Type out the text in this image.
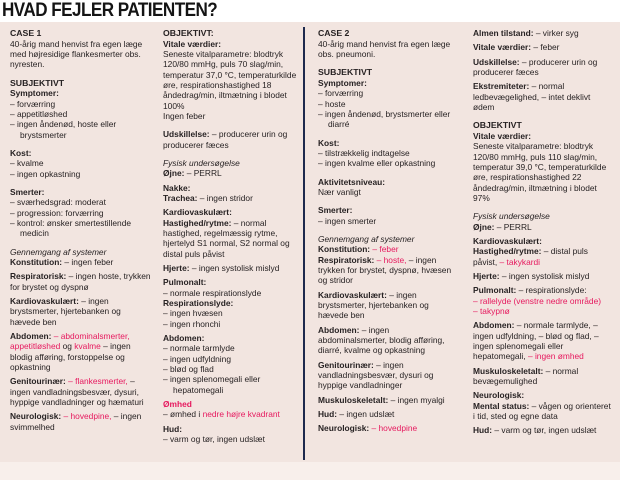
HVAD FEJLER PATIENTEN?
CASE 1
40-årig mand henvist fra egen læge med højresidige flankesmerter obs. nyresten.
SUBJEKTIVT
Symptomer:
– forværring
– appetitløshed
– ingen åndenød, hoste eller brystsmerter
Kost:
– kvalme
– ingen opkastning
Smerter:
– sværhedsgrad: moderat
– progression: forværring
– kontrol: ønsker smertestillende medicin
Gennemgang af systemer
Konstitution: – ingen feber
Respiratorisk: – ingen hoste, trykken for brystet og dyspnø
Kardiovaskulært: – ingen brystsmerter, hjertebanken og hævede ben
Abdomen: – abdominalsmerter, appetitløshed og kvalme – ingen blodig afføring, forstoppelse og opkastning
Genitourinær: – flankesmerter, – ingen vandladningsbesvær, dysuri, hyppige vandladninger og hæmaturi
Neurologisk: – hovedpine, – ingen svimmelhed
OBJEKTIVT:
Vitale værdier:
Seneste vitalparametre: blodtryk 120/80 mmHg, puls 70 slag/min, temperatur 37,0 °C, temperaturkilde øre, respirationshastighed 18 åndedrag/min, iltmætning i blodet 100%
Ingen feber
Udskillelse: – producerer urin og producerer fæces
Fysisk undersøgelse
Øjne: – PERRL
Nakke:
Trachea: – ingen stridor
Kardiovaskulært:
Hastighed/rytme: – normal hastighed, regelmæssig rytme, hjertelyd S1 normal, S2 normal og distal puls påvist
Hjerte: – ingen systolisk mislyd
Pulmonalt:
– normale respirationslyde
Respirationslyde:
– ingen hvæsen
– ingen rhonchi
Abdomen:
– normale tarmlyde
– ingen udfyldning
– blød og flad
– ingen splenomegali eller hepatomegali
Ømhed
– ømhed i nedre højre kvadrant
Hud:
– varm og tør, ingen udslæt
CASE 2
40-årig mand henvist fra egen læge obs. pneumoni.
SUBJEKTIVT
Symptomer:
– forværring
– hoste
– ingen åndenød, brystsmerter eller diarré
Kost:
– tilstrækkelig indtagelse
– ingen kvalme eller opkastning
Aktivitetsniveau:
Nær vanligt
Smerter:
– ingen smerter
Gennemgang af systemer
Konstitution: – feber
Respiratorisk: – hoste, – ingen trykken for brystet, dyspnø, hvæsen og stridor
Kardiovaskulært: – ingen brystsmerter, hjertebanken og hævede ben
Abdomen: – ingen abdominalsmerter, blodig afføring, diarré, kvalme og opkastning
Genitourinær: – ingen vandladningsbesvær, dysuri og hyppige vandladninger
Muskuloskeletalt: – ingen myalgi
Hud: – ingen udslæt
Neurologisk: – hovedpine
Almen tilstand: – virker syg
Vitale værdier: – feber
Udskillelse: – producerer urin og producerer fæces
Ekstremiteter: – normal ledbevægelighed, – intet deklivt ødem
OBJEKTIVT
Vitale værdier:
Seneste vitalparametre: blodtryk 120/80 mmHg, puls 110 slag/min, temperatur 39,0 °C, temperaturkilde øre, respirationshastighed 22 åndedrag/min, iltmætning i blodet 97%
Fysisk undersøgelse
Øjne: – PERRL
Kardiovaskulært:
Hastighed/rytme: – distal puls påvist, – takykardi
Hjerte: – ingen systolisk mislyd
Pulmonalt: – respirationslyde:
– rallelyde (venstre nedre område)
– takypnø
Abdomen: – normale tarmlyde, – ingen udfyldning, – blød og flad, – ingen splenomegali eller hepatomegali, – ingen ømhed
Muskuloskeletalt: – normal bevægemulighed
Neurologisk:
Mental status: – vågen og orienteret i tid, sted og egne data
Hud: – varm og tør, ingen udslæt
